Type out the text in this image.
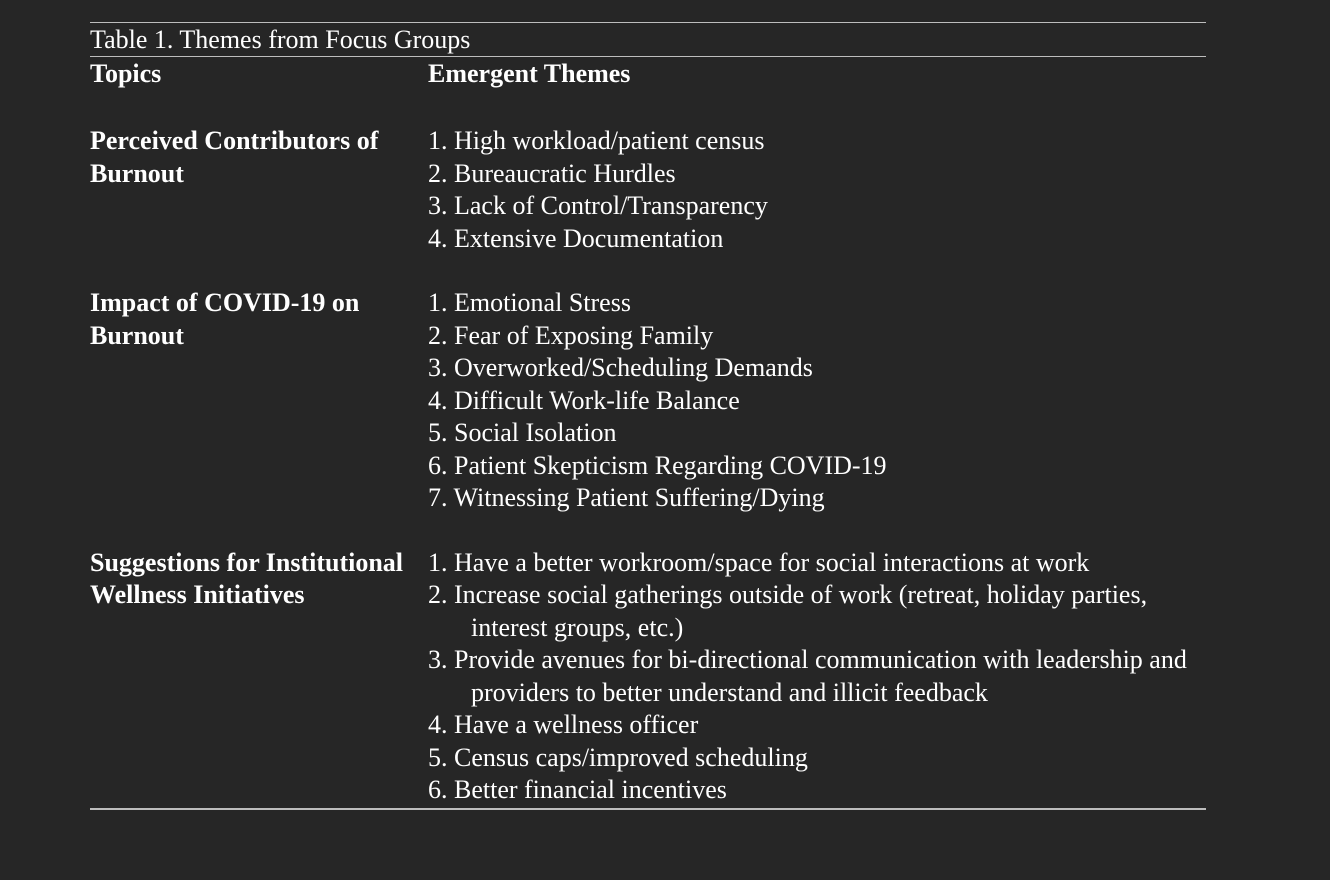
Table 1. Themes from Focus Groups
Topics	Emergent Themes
Perceived Contributors of Burnout
1. High workload/patient census
2. Bureaucratic Hurdles
3. Lack of Control/Transparency
4. Extensive Documentation
Impact of COVID-19 on Burnout
1. Emotional Stress
2. Fear of Exposing Family
3. Overworked/Scheduling Demands
4. Difficult Work-life Balance
5. Social Isolation
6. Patient Skepticism Regarding COVID-19
7. Witnessing Patient Suffering/Dying
Suggestions for Institutional Wellness Initiatives
1. Have a better workroom/space for social interactions at work
2. Increase social gatherings outside of work (retreat, holiday parties, interest groups, etc.)
3. Provide avenues for bi-directional communication with leadership and providers to better understand and illicit feedback
4. Have a wellness officer
5. Census caps/improved scheduling
6. Better financial incentives
